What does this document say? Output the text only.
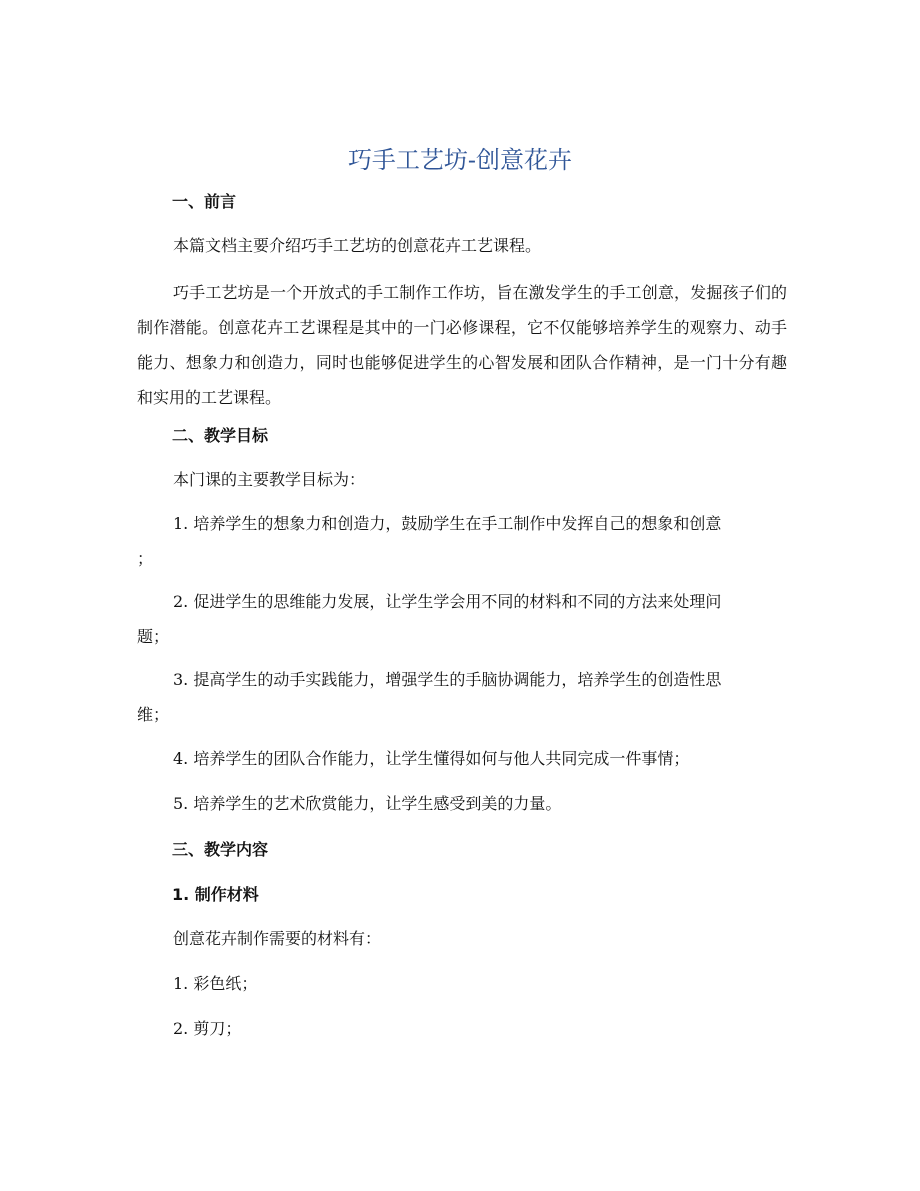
巧手工艺坊-创意花卉
一、前言
本篇文档主要介绍巧手工艺坊的创意花卉工艺课程。
巧手工艺坊是一个开放式的手工制作工作坊，旨在激发学生的手工创意，发掘孩子们的制作潜能。创意花卉工艺课程是其中的一门必修课程，它不仅能够培养学生的观察力、动手能力、想象力和创造力，同时也能够促进学生的心智发展和团队合作精神，是一门十分有趣和实用的工艺课程。
二、教学目标
本门课的主要教学目标为：
1. 培养学生的想象力和创造力，鼓励学生在手工制作中发挥自己的想象和创意
；
2. 促进学生的思维能力发展，让学生学会用不同的材料和不同的方法来处理问
题；
3. 提高学生的动手实践能力，增强学生的手脑协调能力，培养学生的创造性思
维；
4. 培养学生的团队合作能力，让学生懂得如何与他人共同完成一件事情；
5. 培养学生的艺术欣赏能力，让学生感受到美的力量。
三、教学内容
1. 制作材料
创意花卉制作需要的材料有：
1. 彩色纸；
2. 剪刀；
